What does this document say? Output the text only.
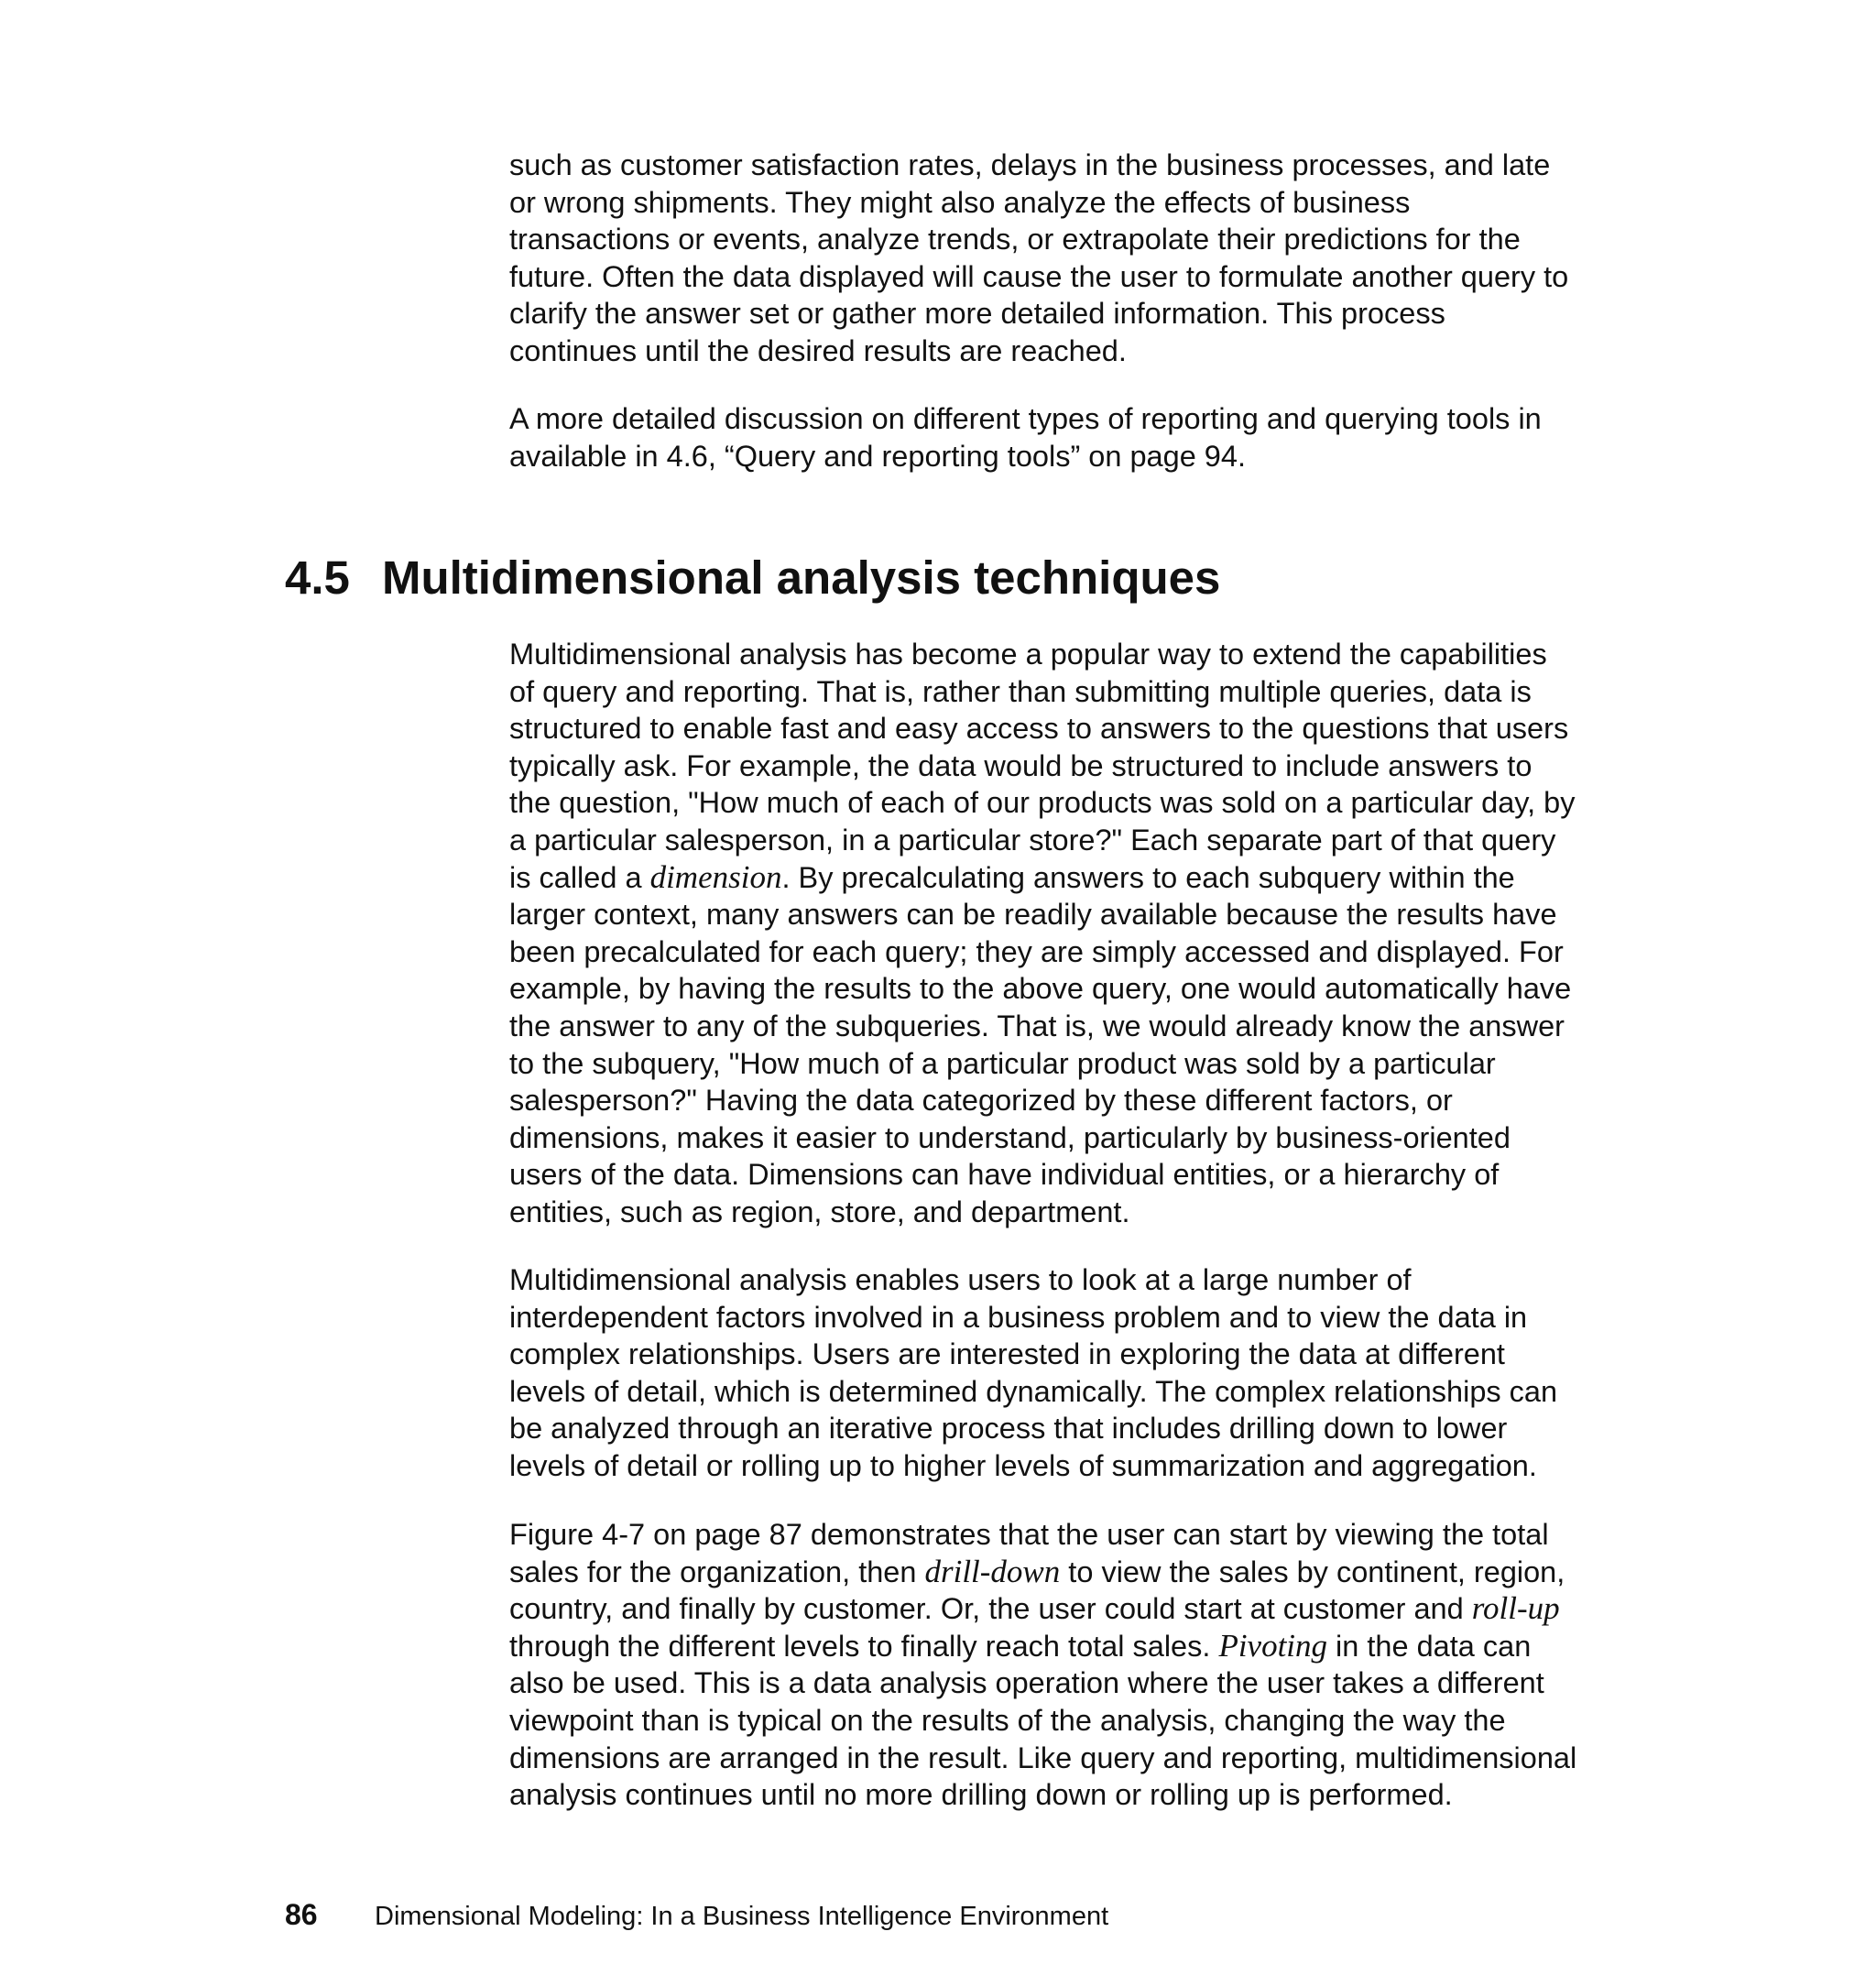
such as customer satisfaction rates, delays in the business processes, and late
or wrong shipments. They might also analyze the effects of business
transactions or events, analyze trends, or extrapolate their predictions for the
future. Often the data displayed will cause the user to formulate another query to
clarify the answer set or gather more detailed information. This process
continues until the desired results are reached.

A more detailed discussion on different types of reporting and querying tools in
available in 4.6, “Query and reporting tools” on page 94.

4.5 Multidimensional analysis techniques

Multidimensional analysis has become a popular way to extend the capabilities
of query and reporting. That is, rather than submitting multiple queries, data is
structured to enable fast and easy access to answers to the questions that users
typically ask. For example, the data would be structured to include answers to
the question, "How much of each of our products was sold on a particular day, by
a particular salesperson, in a particular store?" Each separate part of that query
is called a dimension. By precalculating answers to each subquery within the
larger context, many answers can be readily available because the results have
been precalculated for each query; they are simply accessed and displayed. For
example, by having the results to the above query, one would automatically have
the answer to any of the subqueries. That is, we would already know the answer
to the subquery, "How much of a particular product was sold by a particular
salesperson?" Having the data categorized by these different factors, or
dimensions, makes it easier to understand, particularly by business-oriented
users of the data. Dimensions can have individual entities, or a hierarchy of
entities, such as region, store, and department.

Multidimensional analysis enables users to look at a large number of
interdependent factors involved in a business problem and to view the data in
complex relationships. Users are interested in exploring the data at different
levels of detail, which is determined dynamically. The complex relationships can
be analyzed through an iterative process that includes drilling down to lower
levels of detail or rolling up to higher levels of summarization and aggregation.

Figure 4-7 on page 87 demonstrates that the user can start by viewing the total
sales for the organization, then drill-down to view the sales by continent, region,
country, and finally by customer. Or, the user could start at customer and roll-up
through the different levels to finally reach total sales. Pivoting in the data can
also be used. This is a data analysis operation where the user takes a different
viewpoint than is typical on the results of the analysis, changing the way the
dimensions are arranged in the result. Like query and reporting, multidimensional
analysis continues until no more drilling down or rolling up is performed.

86 Dimensional Modeling: In a Business Intelligence Environment
